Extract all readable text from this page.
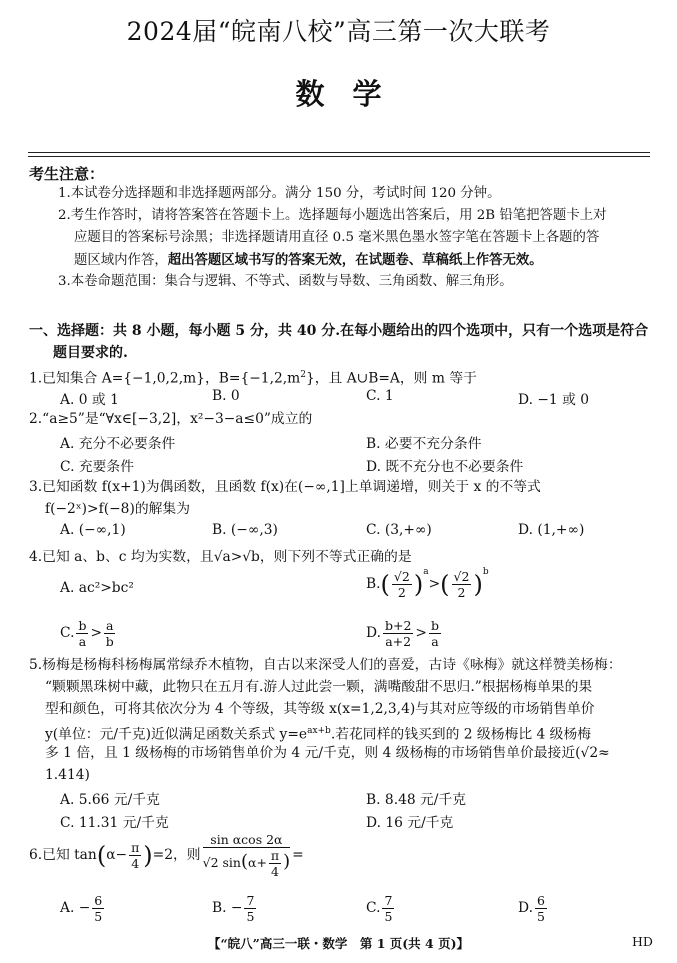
2024届“皖南八校”高三第一次大联考
数学
考生注意：
1.本试卷分选择题和非选择题两部分。满分 150 分，考试时间 120 分钟。
2.考生作答时，请将答案答在答题卡上。选择题每小题选出答案后，用 2B 铅笔把答题卡上对
应题目的答案标号涂黑；非选择题请用直径 0.5 毫米黑色墨水签字笔在答题卡上各题的答
题区域内作答，超出答题区域书写的答案无效，在试题卷、草稿纸上作答无效。
3.本卷命题范围：集合与逻辑、不等式、函数与导数、三角函数、解三角形。
一、选择题：共 8 小题，每小题 5 分，共 40 分.在每小题给出的四个选项中，只有一个选项是符合
题目要求的.
1.已知集合 A={−1,0,2,m}，$B=\{-1,2,m^2\}$，且 A∪B=A，则 m 等于
A. 0 或 1	B. 0	C. 1	D. −1 或 0
2.“a≥5”是“∀x∈[−3,2]，x²−3−a≤0”成立的
A. 充分不必要条件	B. 必要不充分条件
C. 充要条件	D. 既不充分也不必要条件
3.已知函数 f(x+1)为偶函数，且函数 f(x)在(−∞,1]上单调递增，则关于 x 的不等式
f(−2ˣ)>f(−8)的解集为
A. (−∞,1)	B. (−∞,3)	C. (3,+∞)	D. (1,+∞)
4.已知 a、b、c 均为实数，且√a>√b，则下列不等式正确的是
A. ac²>bc²	$B.( \frac{√2}{2} )^a>( \frac{√2}{2} )^b$
C. $\frac{b}{a} > \frac{a}{b}$	D. $\frac{b+2}{a+2} > \frac{b}{a}$
5.杨梅是杨梅科杨梅属常绿乔木植物，自古以来深受人们的喜爱，古诗《咏梅》就这样赞美杨梅：
“颗颗黑珠树中藏，此物只在五月有.游人过此尝一颗，满嘴酸甜不思归.”根据杨梅单果的果
型和颜色，可将其依次分为 4 个等级，其等级 x(x=1,2,3,4)与其对应等级的市场销售单价
y(单位：元/千克)近似满足函数关系式 $y=e^{ax+b}$.若花同样的钱买到的 2 级杨梅比 4 级杨梅
多 1 倍，且 1 级杨梅的市场销售单价为 4 元/千克，则 4 级杨梅的市场销售单价最接近(√2≈
1.414)
A. 5.66 元/千克	B. 8.48 元/千克
C. 11.31 元/千克	D. 16 元/千克
6.已知 $\tan(\alpha- \frac{\pi}{4} )=2$，则 $\frac{\text{sin αcos 2α}}{√2 \sin(\alpha+ \frac{\pi}{4} )}$ =
A. − $\frac{6}{5}$	B. − $\frac{7}{5}$	C. $\frac{7}{5}$	D. $\frac{6}{5}$
【“皖八”高三一联・数学　第 1 页(共 4 页)】	HD
